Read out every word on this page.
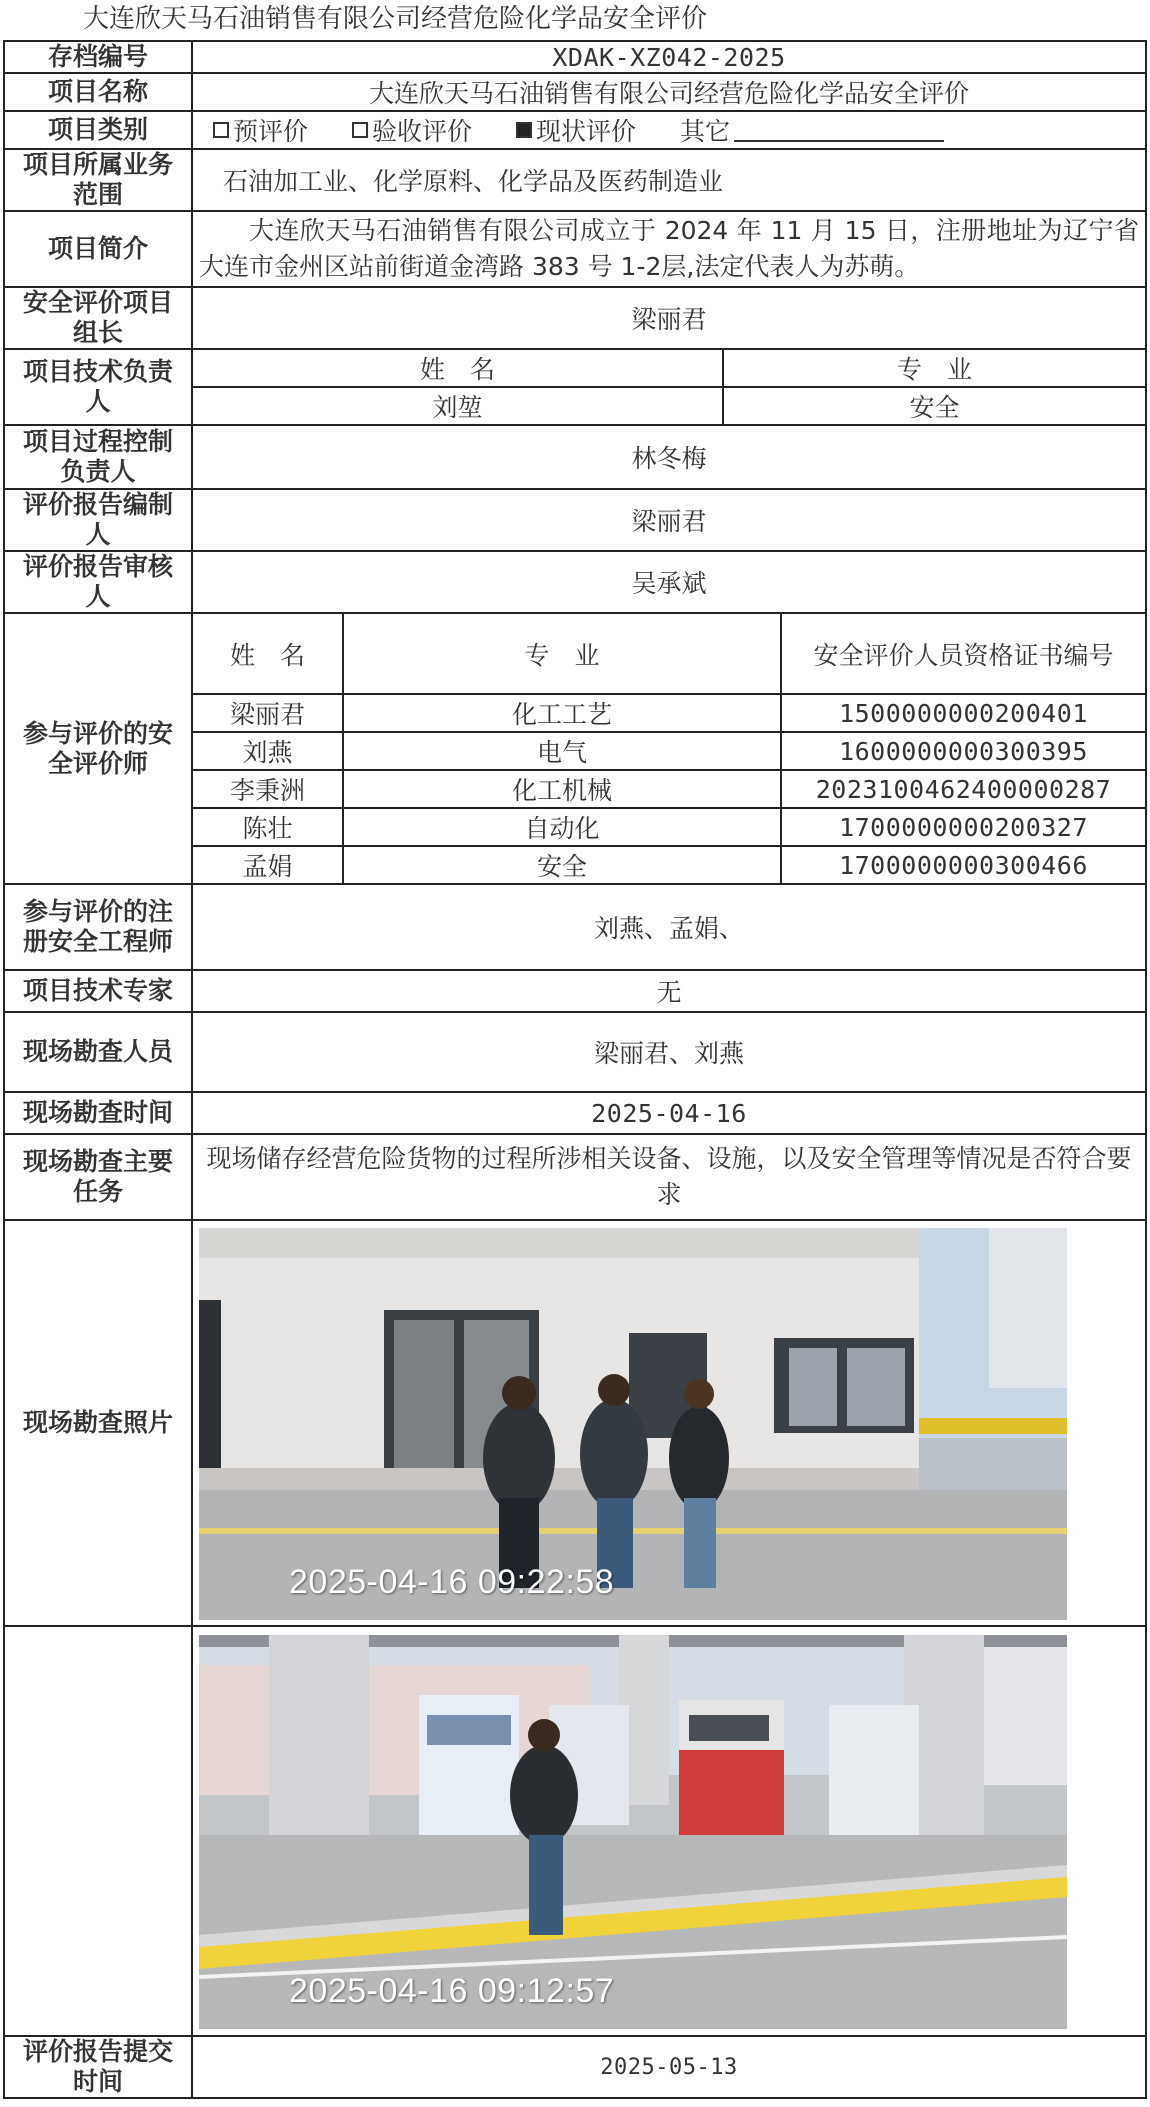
大连欣天马石油销售有限公司经营危险化学品安全评价
存档编号	XDAK-XZ042-2025
项目名称	大连欣天马石油销售有限公司经营危险化学品安全评价
项目类别	预评价	验收评价	现状评价 其它

项目所属业务范围	石油加工业、化学原料、化学品及医药制造业
项目简介	大连欣天马石油销售有限公司成立于 2024 年 11 月 15 日，注册地址为辽宁省大连市金州区站前街道金湾路 383 号 1-2层,法定代表人为苏萌。
安全评价项目组长	梁丽君
项目技术负责人	
姓　名	专　业
刘堃	安全

项目过程控制负责人	林冬梅
评价报告编制人	梁丽君
评价报告审核人	吴承斌
参与评价的安全评价师	
姓　名	专　业	安全评价人员资格证书编号
梁丽君	化工工艺	1500000000200401
刘燕	电气	1600000000300395
李秉洲	化工机械	2023100462400000287
陈壮	自动化	1700000000200327
孟娟	安全	1700000000300466

参与评价的注册安全工程师	刘燕、孟娟、
项目技术专家	无
现场勘查人员	梁丽君、刘燕
现场勘查时间	2025-04-16
现场勘查主要任务	现场储存经营危险货物的过程所涉相关设备、设施，以及安全管理等情况是否符合要求
现场勘查照片	
2025-04-16 09:22:58

2025-04-16 09:12:57

评价报告提交时间	2025-05-13
